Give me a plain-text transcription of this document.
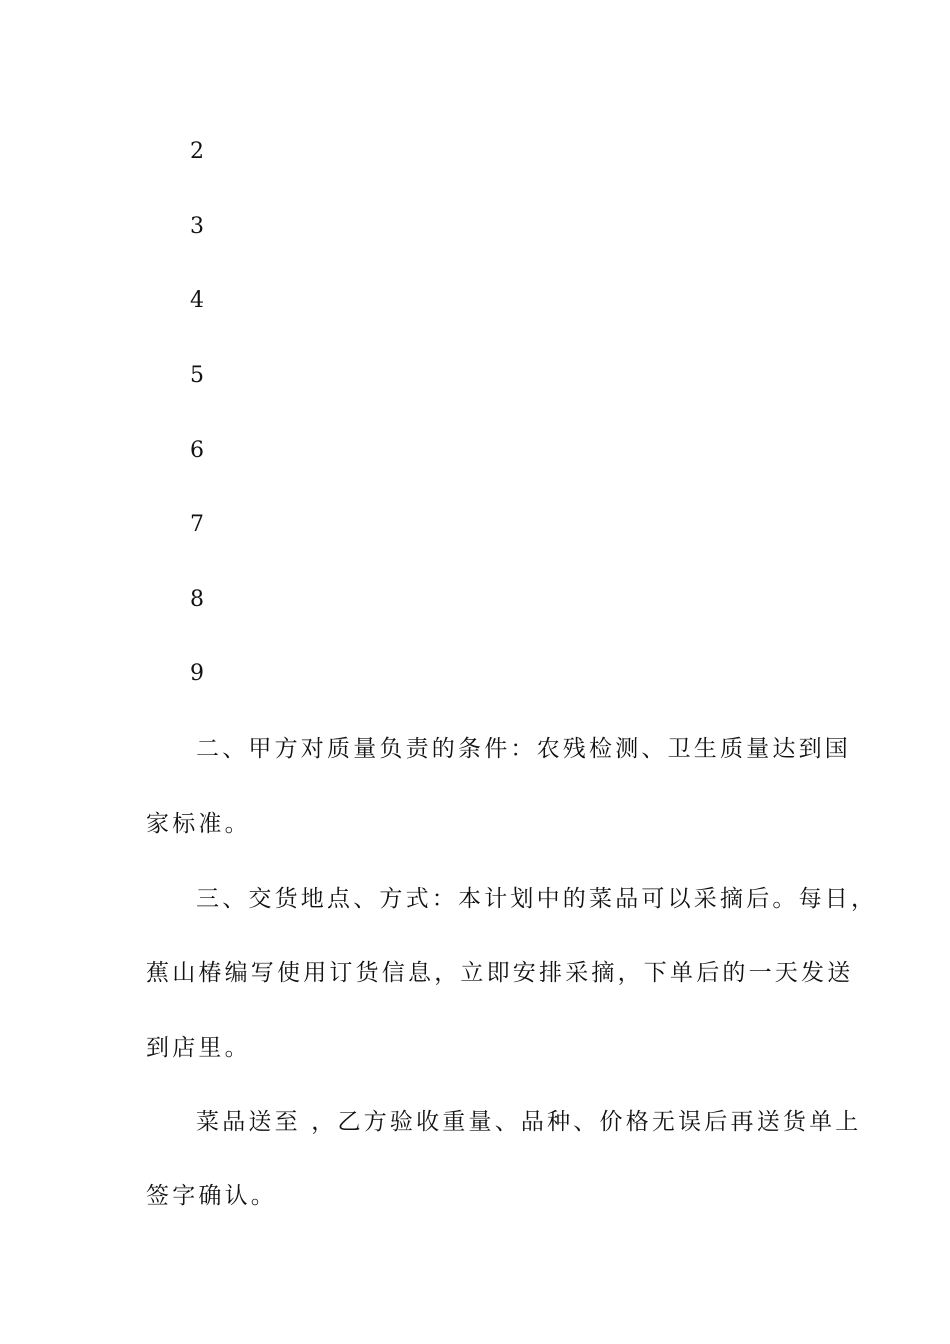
2
3
4
5
6
7
8
9
二、甲方对质量负责的条件：农残检测、卫生质量达到国
家标准。
三、交货地点、方式：本计划中的菜品可以采摘后。每日，
蕉山椿编写使用订货信息，立即安排采摘，下单后的一天发送
到店里。
菜品送至 ，乙方验收重量、品种、价格无误后再送货单上
签字确认。
